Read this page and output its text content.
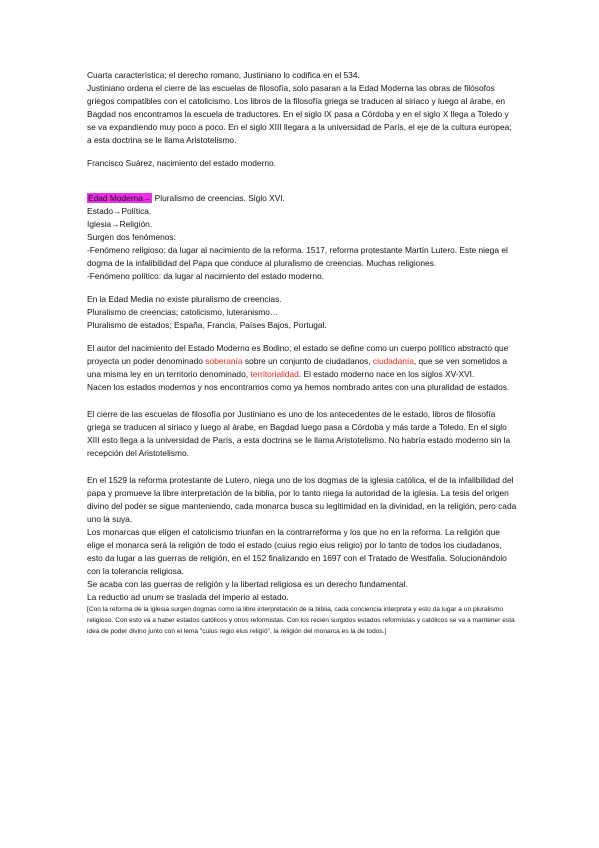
Cuarta característica; el derecho romano, Justiniano lo codifica en el 534.

Justiniano ordena el cierre de las escuelas de filosofía, solo pasaran a la Edad Moderna las obras de filósofos griegos compatibles con el catolicismo. Los libros de la filosofía griega se traducen al siriaco y luego al árabe, en Bagdad nos encontramos la escuela de traductores. En el siglo IX pasa a Córdoba y en el siglo X llega a Toledo y se va expandiendo muy poco a poco. En el siglo XIII llegara a la universidad de París, el eje de la cultura europea; a esta doctrina se le llama Aristotelismo.

Francisco Suárez, nacimiento del estado moderno.

Edad Moderna→ Pluralismo de creencias. Siglo XVI.

Estado→Política.

Iglesia→Religión.

Surgen dos fenómenos:

-Fenómeno religioso: da lugar al nacimiento de la reforma. 1517, reforma protestante Martín Lutero. Este niega el dogma de la infalibilidad del Papa que conduce al pluralismo de creencias. Muchas religiones.

-Fenómeno político: da lugar al nacimiento del estado moderno.

En la Edad Media no existe pluralismo de creencias.

Pluralismo de creencias; catolicismo, luteranismo…

Pluralismo de estados; España, Francia, Países Bajos, Portugal.

El autor del nacimiento del Estado Moderno es Bodino; el estado se define como un cuerpo político abstracto que proyecta un poder denominado soberanía sobre un conjunto de ciudadanos, ciudadanía, que se ven sometidos a una misma ley en un territorio denominado, territorialidad. El estado moderno nace en los siglos XV-XVI.

Nacen los estados modernos y nos encontramos como ya hemos nombrado antes con una pluralidad de estados.

El cierre de las escuelas de filosofía por Justiniano es uno de los antecedentes de le estado, libros de filosofía griega se traducen al siriaco y luego al árabe, en Bagdad luego pasa a Córdoba y más tarde a Toledo. En el siglo XIII esto llega a la universidad de París, a esta doctrina se le llama Aristotelismo. No habría estado moderno sin la recepción del Aristotelismo.

En el 1529 la reforma protestante de Lutero, niega uno de los dogmas de la iglesia católica, el de la infalibilidad del papa y promueve la libre interpretación de la biblia, por lo tanto niega la autoridad de la iglesia. La tesis del origen divino del poder se sigue manteniendo, cada monarca busca su legitimidad en la divinidad, en la religión, pero cada uno la suya.

Los monarcas que eligen el catolicismo triunfan en la contrarreforma y los que no en la reforma. La religión que elige el monarca será la religión de todo el estado (cuius regio eius religio) por lo tanto de todos los ciudadanos, esto da lugar a las guerras de religión, en el 152 finalizando en 1697 con el Tratado de Westfalia. Solucionándolo con la tolerancia religiosa.

Se acaba con las guerras de religión y la libertad religiosa es un derecho fundamental.

La reductio ad unum se traslada del imperio al estado.

[Con la reforma de la iglesia surgen dogmas como la libre interpretación de la biblia, cada conciencia interpreta y esto da lugar a un pluralismo religioso. Con esto va a haber estados católicos y otros reformistas. Con los recién surgidos estados reformistas y católicos se va a mantener esta idea de poder divino junto con el lema "cuius regio eius religió", la religión del monarca es la de todos.]
